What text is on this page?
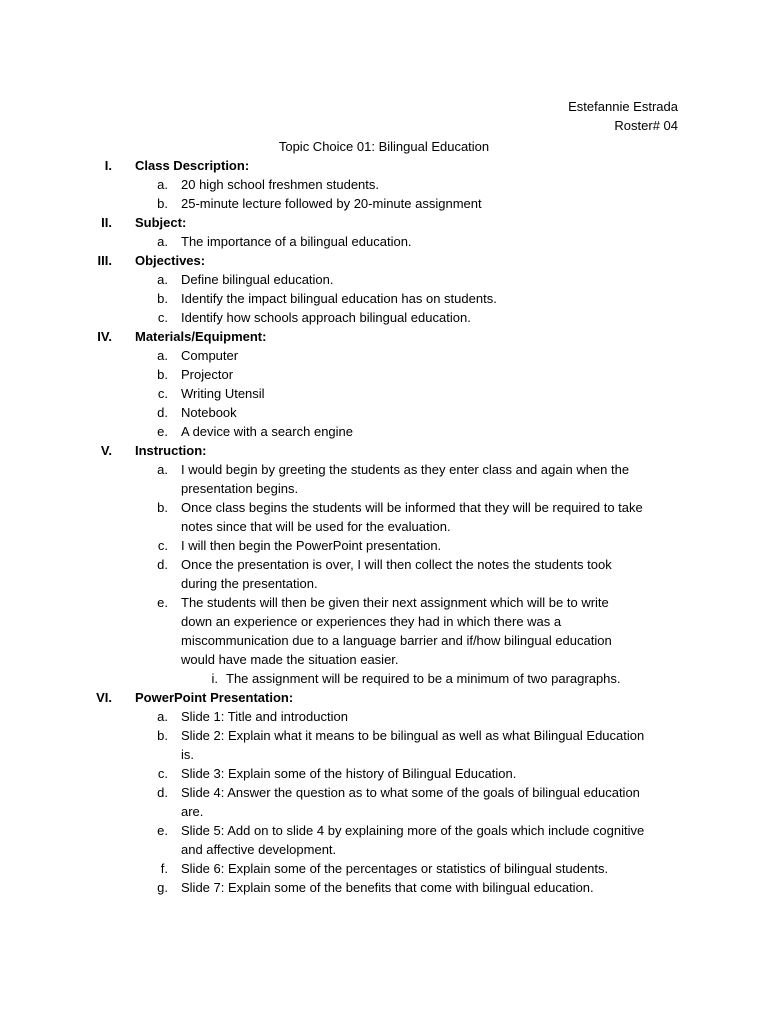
Estefannie Estrada
Roster# 04
Topic Choice 01: Bilingual Education
I. Class Description:
a. 20 high school freshmen students.
b. 25-minute lecture followed by 20-minute assignment
II. Subject:
a. The importance of a bilingual education.
III. Objectives:
a. Define bilingual education.
b. Identify the impact bilingual education has on students.
c. Identify how schools approach bilingual education.
IV. Materials/Equipment:
a. Computer
b. Projector
c. Writing Utensil
d. Notebook
e. A device with a search engine
V. Instruction:
a. I would begin by greeting the students as they enter class and again when the
presentation begins.
b. Once class begins the students will be informed that they will be required to take
notes since that will be used for the evaluation.
c. I will then begin the PowerPoint presentation.
d. Once the presentation is over, I will then collect the notes the students took
during the presentation.
e. The students will then be given their next assignment which will be to write
down an experience or experiences they had in which there was a
miscommunication due to a language barrier and if/how bilingual education
would have made the situation easier.
i. The assignment will be required to be a minimum of two paragraphs.
VI. PowerPoint Presentation:
a. Slide 1: Title and introduction
b. Slide 2: Explain what it means to be bilingual as well as what Bilingual Education
is.
c. Slide 3: Explain some of the history of Bilingual Education.
d. Slide 4: Answer the question as to what some of the goals of bilingual education
are.
e. Slide 5: Add on to slide 4 by explaining more of the goals which include cognitive
and affective development.
f. Slide 6: Explain some of the percentages or statistics of bilingual students.
g. Slide 7: Explain some of the benefits that come with bilingual education.
